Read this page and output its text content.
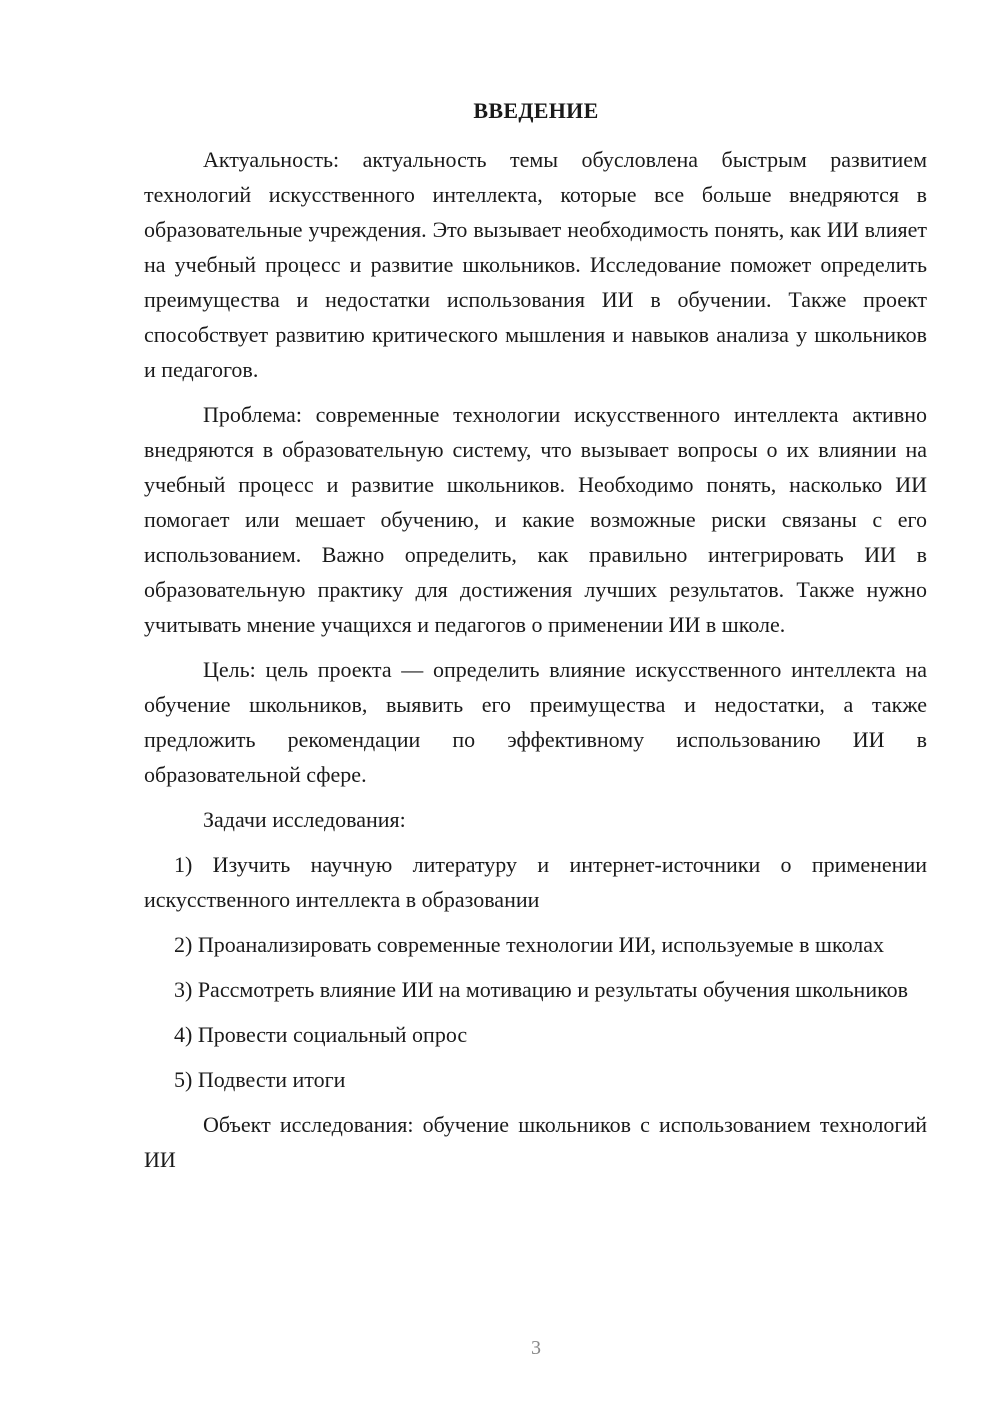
ВВЕДЕНИЕ

Актуальность: актуальность темы обусловлена быстрым развитием технологий искусственного интеллекта, которые все больше внедряются в образовательные учреждения. Это вызывает необходимость понять, как ИИ влияет на учебный процесс и развитие школьников. Исследование поможет определить преимущества и недостатки использования ИИ в обучении. Также проект способствует развитию критического мышления и навыков анализа у школьников и педагогов.

Проблема: современные технологии искусственного интеллекта активно внедряются в образовательную систему, что вызывает вопросы о их влиянии на учебный процесс и развитие школьников. Необходимо понять, насколько ИИ помогает или мешает обучению, и какие возможные риски связаны с его использованием. Важно определить, как правильно интегрировать ИИ в образовательную практику для достижения лучших результатов. Также нужно учитывать мнение учащихся и педагогов о применении ИИ в школе.

Цель: цель проекта — определить влияние искусственного интеллекта на обучение школьников, выявить его преимущества и недостатки, а также предложить рекомендации по эффективному использованию ИИ в образовательной сфере.

Задачи исследования:

1) Изучить научную литературу и интернет-источники о применении искусственного интеллекта в образовании

2) Проанализировать современные технологии ИИ, используемые в школах

3) Рассмотреть влияние ИИ на мотивацию и результаты обучения школьников

4) Провести социальный опрос

5) Подвести итоги

Объект исследования: обучение школьников с использованием технологий ИИ

3
